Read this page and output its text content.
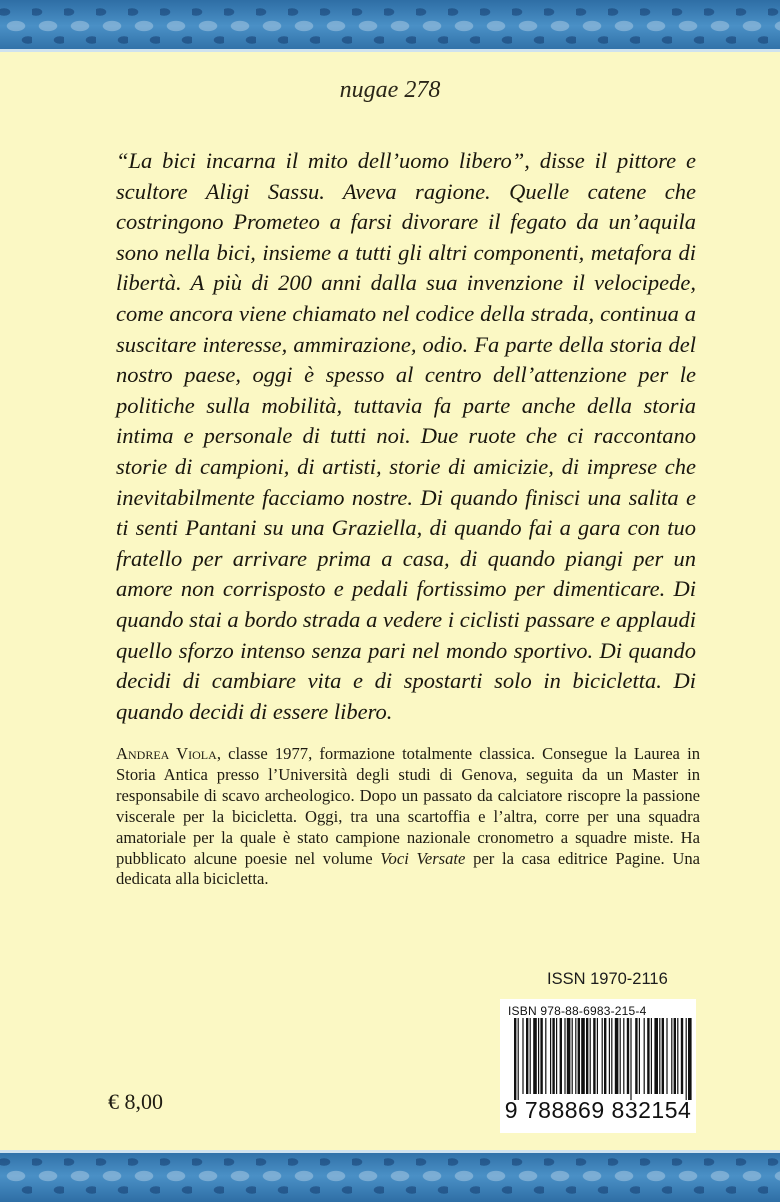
nugae 278

“La bici incarna il mito dell’uomo libero”, disse il pittore e scultore Aligi Sassu. Aveva ragione. Quelle catene che costringono Prometeo a farsi divorare il fegato da un’aquila sono nella bici, insieme a tutti gli altri componenti, metafora di libertà. A più di 200 anni dalla sua invenzione il velocipede, come ancora viene chiamato nel codice della strada, continua a suscitare interesse, ammirazione, odio. Fa parte della storia del nostro paese, oggi è spesso al centro dell’attenzione per le politiche sulla mobilità, tuttavia fa parte anche della storia intima e personale di tutti noi. Due ruote che ci raccontano storie di campioni, di artisti, storie di amicizie, di imprese che inevitabilmente facciamo nostre. Di quando finisci una salita e ti senti Pantani su una Graziella, di quando fai a gara con tuo fratello per arrivare prima a casa, di quando piangi per un amore non corrisposto e pedali fortissimo per dimenticare. Di quando stai a bordo strada a vedere i ciclisti passare e applaudi quello sforzo intenso senza pari nel mondo sportivo. Di quando decidi di cambiare vita e di spostarti solo in bicicletta. Di quando decidi di essere libero.

Andrea Viola, classe 1977, formazione totalmente classica. Consegue la Laurea in Storia Antica presso l’Università degli studi di Genova, seguita da un Master in responsabile di scavo archeologico. Dopo un passato da calciatore riscopre la passione viscerale per la bicicletta. Oggi, tra una scartoffia e l’altra, corre per una squadra amatoriale per la quale è stato campione nazionale cronometro a squadre miste. Ha pubblicato alcune poesie nel volume Voci Versate per la casa editrice Pagine. Una dedicata alla bicicletta.

ISSN 1970-2116
ISBN 978-88-6983-215-4
9 788869 832154
€ 8,00
